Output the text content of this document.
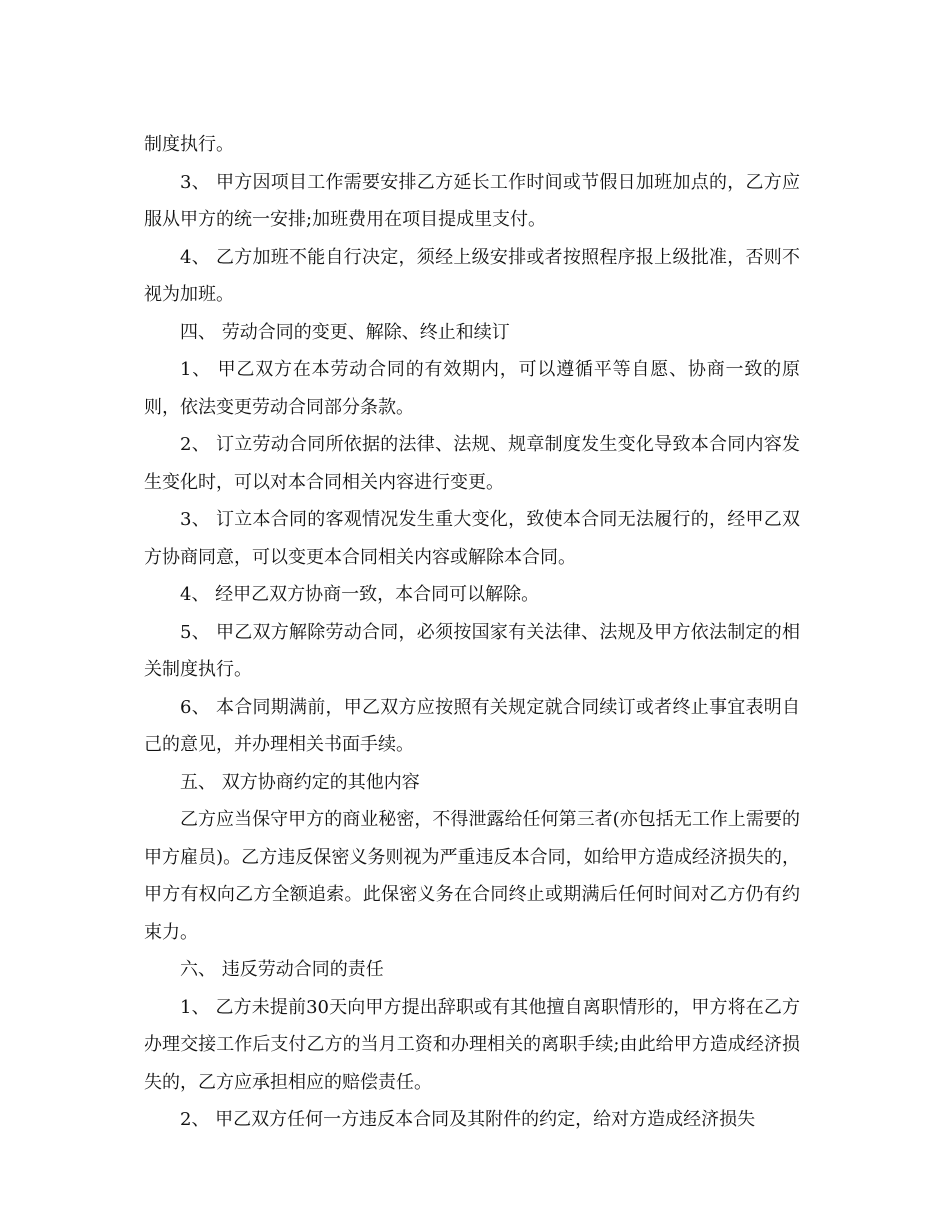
制度执行。

3、 甲方因项目工作需要安排乙方延长工作时间或节假日加班加点的，乙方应服从甲方的统一安排;加班费用在项目提成里支付。

4、 乙方加班不能自行决定，须经上级安排或者按照程序报上级批准，否则不视为加班。

四、 劳动合同的变更、解除、终止和续订

1、 甲乙双方在本劳动合同的有效期内，可以遵循平等自愿、协商一致的原则，依法变更劳动合同部分条款。

2、 订立劳动合同所依据的法律、法规、规章制度发生变化导致本合同内容发生变化时，可以对本合同相关内容进行变更。

3、 订立本合同的客观情况发生重大变化，致使本合同无法履行的，经甲乙双方协商同意，可以变更本合同相关内容或解除本合同。

4、 经甲乙双方协商一致，本合同可以解除。

5、 甲乙双方解除劳动合同，必须按国家有关法律、法规及甲方依法制定的相关制度执行。

6、 本合同期满前，甲乙双方应按照有关规定就合同续订或者终止事宜表明自己的意见，并办理相关书面手续。

五、 双方协商约定的其他内容

乙方应当保守甲方的商业秘密，不得泄露给任何第三者(亦包括无工作上需要的甲方雇员)。乙方违反保密义务则视为严重违反本合同，如给甲方造成经济损失的，甲方有权向乙方全额追索。此保密义务在合同终止或期满后任何时间对乙方仍有约束力。

六、 违反劳动合同的责任

1、 乙方未提前30天向甲方提出辞职或有其他擅自离职情形的，甲方将在乙方办理交接工作后支付乙方的当月工资和办理相关的离职手续;由此给甲方造成经济损失的，乙方应承担相应的赔偿责任。

2、 甲乙双方任何一方违反本合同及其附件的约定，给对方造成经济损失
